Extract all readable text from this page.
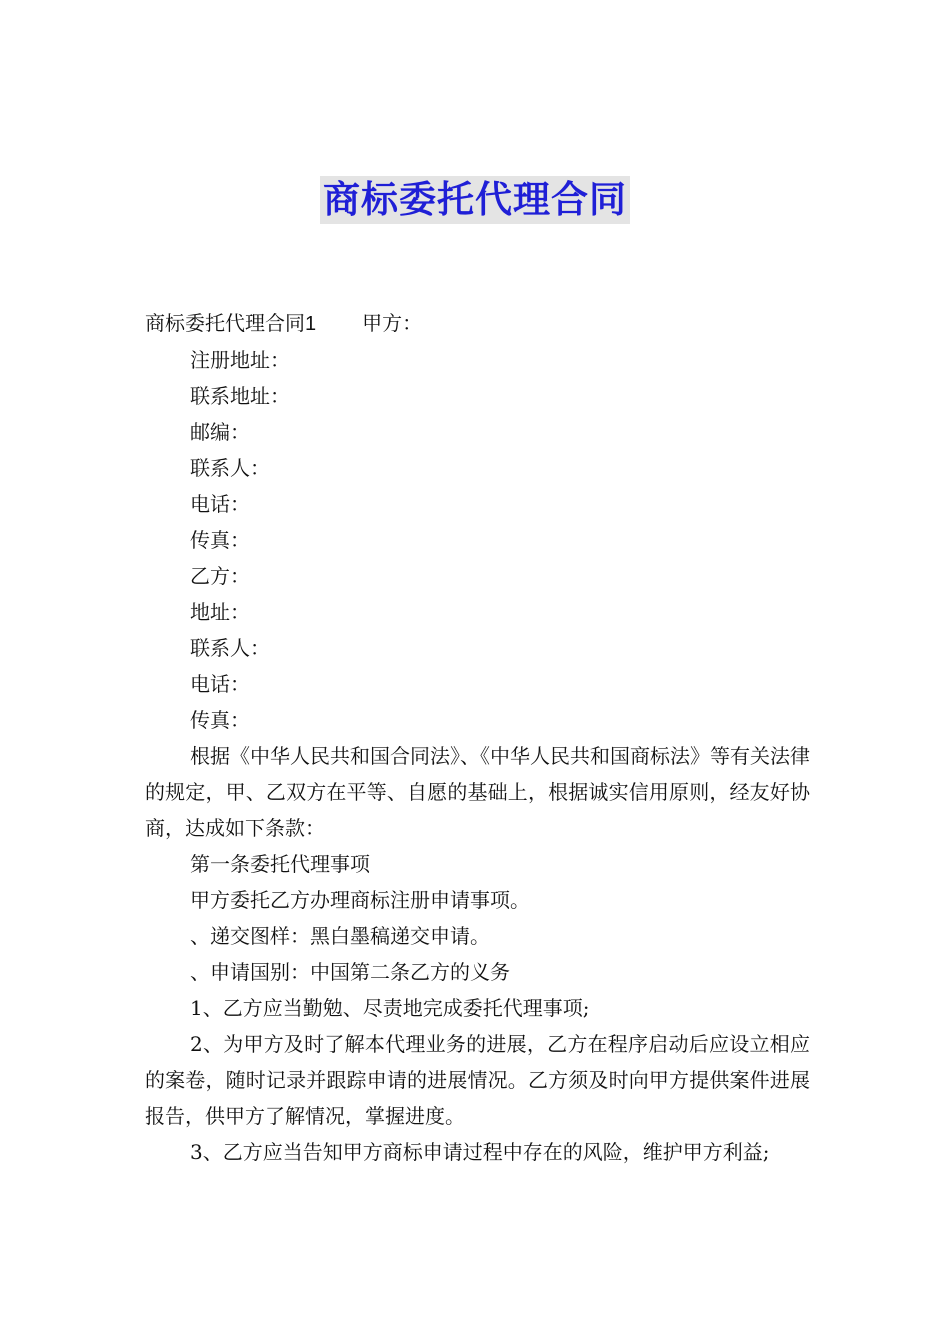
商标委托代理合同

商标委托代理合同1 甲方：

注册地址：

联系地址：

邮编：

联系人：

电话：

传真：

乙方：

地址：

联系人：

电话：

传真：

根据《中华人民共和国合同法》、《中华人民共和国商标法》等有关法律的规定，甲、乙双方在平等、自愿的基础上，根据诚实信用原则，经友好协商，达成如下条款：

第一条委托代理事项

甲方委托乙方办理商标注册申请事项。

、递交图样：黑白墨稿递交申请。

、申请国别：中国第二条乙方的义务

1、乙方应当勤勉、尽责地完成委托代理事项;

2、为甲方及时了解本代理业务的进展，乙方在程序启动后应设立相应的案卷，随时记录并跟踪申请的进展情况。乙方须及时向甲方提供案件进展报告，供甲方了解情况，掌握进度。

3、乙方应当告知甲方商标申请过程中存在的风险，维护甲方利益;
